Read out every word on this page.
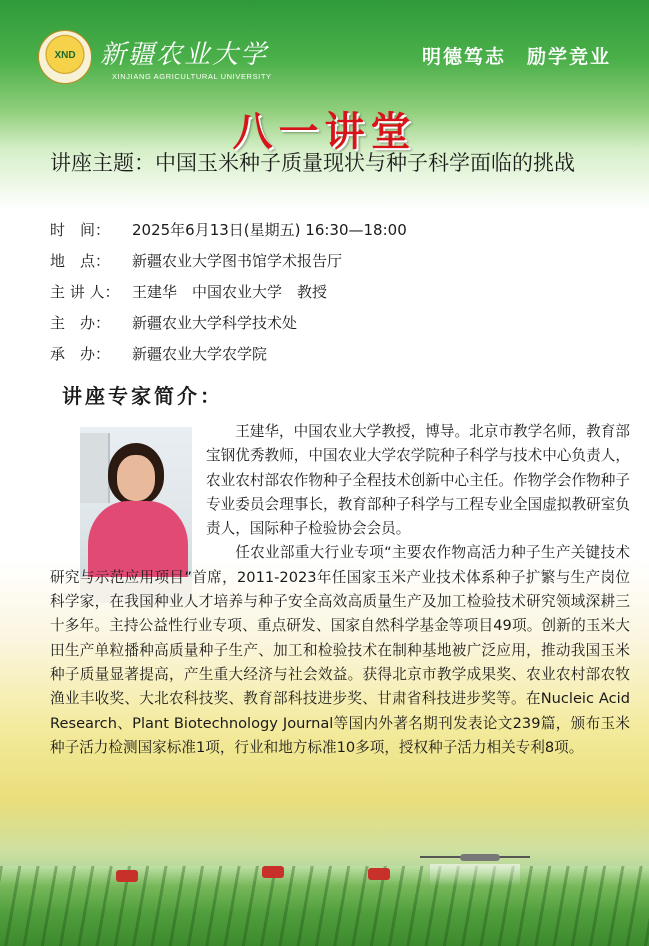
XND 新疆农业大学
XINJIANG AGRICULTURAL UNIVERSITY
明德笃志　励学竞业
八一讲堂
讲座主题：中国玉米种子质量现状与种子科学面临的挑战
时　间： 2025年6月13日(星期五) 16:30—18:00
地　点： 新疆农业大学图书馆学术报告厅
主 讲 人： 王建华　中国农业大学　教授
主　办： 新疆农业大学科学技术处
承　办： 新疆农业大学农学院
讲座专家简介：

王建华，中国农业大学教授，博导。北京市教学名师，教育部宝钢优秀教师，中国农业大学农学院种子科学与技术中心负责人，农业农村部农作物种子全程技术创新中心主任。作物学会作物种子专业委员会理事长，教育部种子科学与工程专业全国虚拟教研室负责人，国际种子检验协会会员。

任农业部重大行业专项“主要农作物高活力种子生产关键技术研究与示范应用项目”首席，2011-2023年任国家玉米产业技术体系种子扩繁与生产岗位科学家，在我国种业人才培养与种子安全高效高质量生产及加工检验技术研究领域深耕三十多年。主持公益性行业专项、重点研发、国家自然科学基金等项目49项。创新的玉米大田生产单粒播种高质量种子生产、加工和检验技术在制种基地被广泛应用，推动我国玉米种子质量显著提高，产生重大经济与社会效益。获得北京市教学成果奖、农业农村部农牧渔业丰收奖、大北农科技奖、教育部科技进步奖、甘肃省科技进步奖等。在Nucleic Acid Research、Plant Biotechnology Journal等国内外著名期刊发表论文239篇，颁布玉米种子活力检测国家标准1项，行业和地方标准10多项，授权种子活力相关专利8项。
